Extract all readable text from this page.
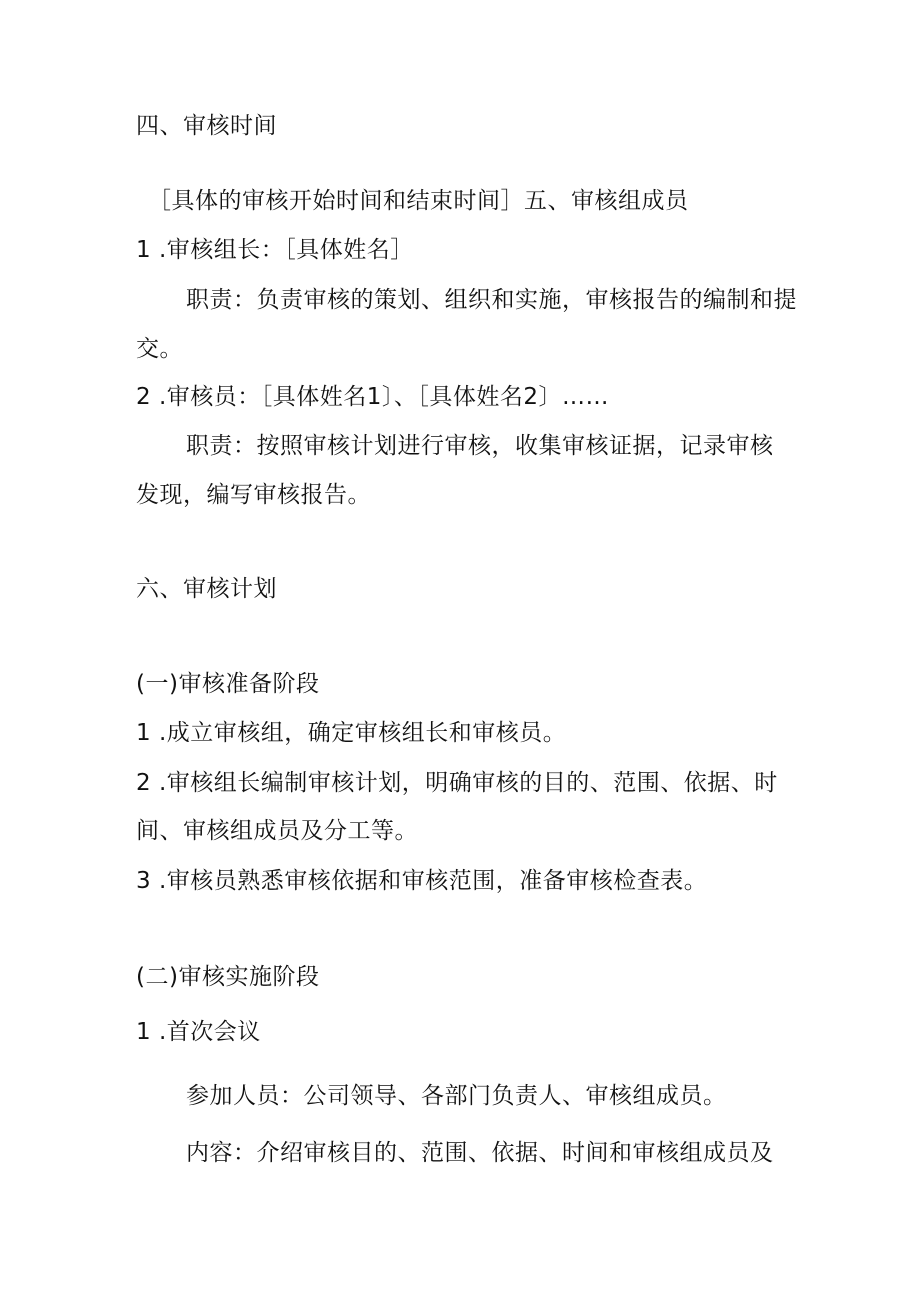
四、审核时间
［具体的审核开始时间和结束时间］五、审核组成员
1 .审核组长：［具体姓名］
职责：负责审核的策划、组织和实施，审核报告的编制和提
交。
2 .审核员：［具体姓名1〕、［具体姓名2〕……
职责：按照审核计划进行审核，收集审核证据，记录审核
发现，编写审核报告。
六、审核计划
(一)审核准备阶段
1 .成立审核组，确定审核组长和审核员。
2 .审核组长编制审核计划，明确审核的目的、范围、依据、时
间、审核组成员及分工等。
3 .审核员熟悉审核依据和审核范围，准备审核检查表。
(二)审核实施阶段
1 .首次会议
参加人员：公司领导、各部门负责人、审核组成员。
内容：介绍审核目的、范围、依据、时间和审核组成员及
